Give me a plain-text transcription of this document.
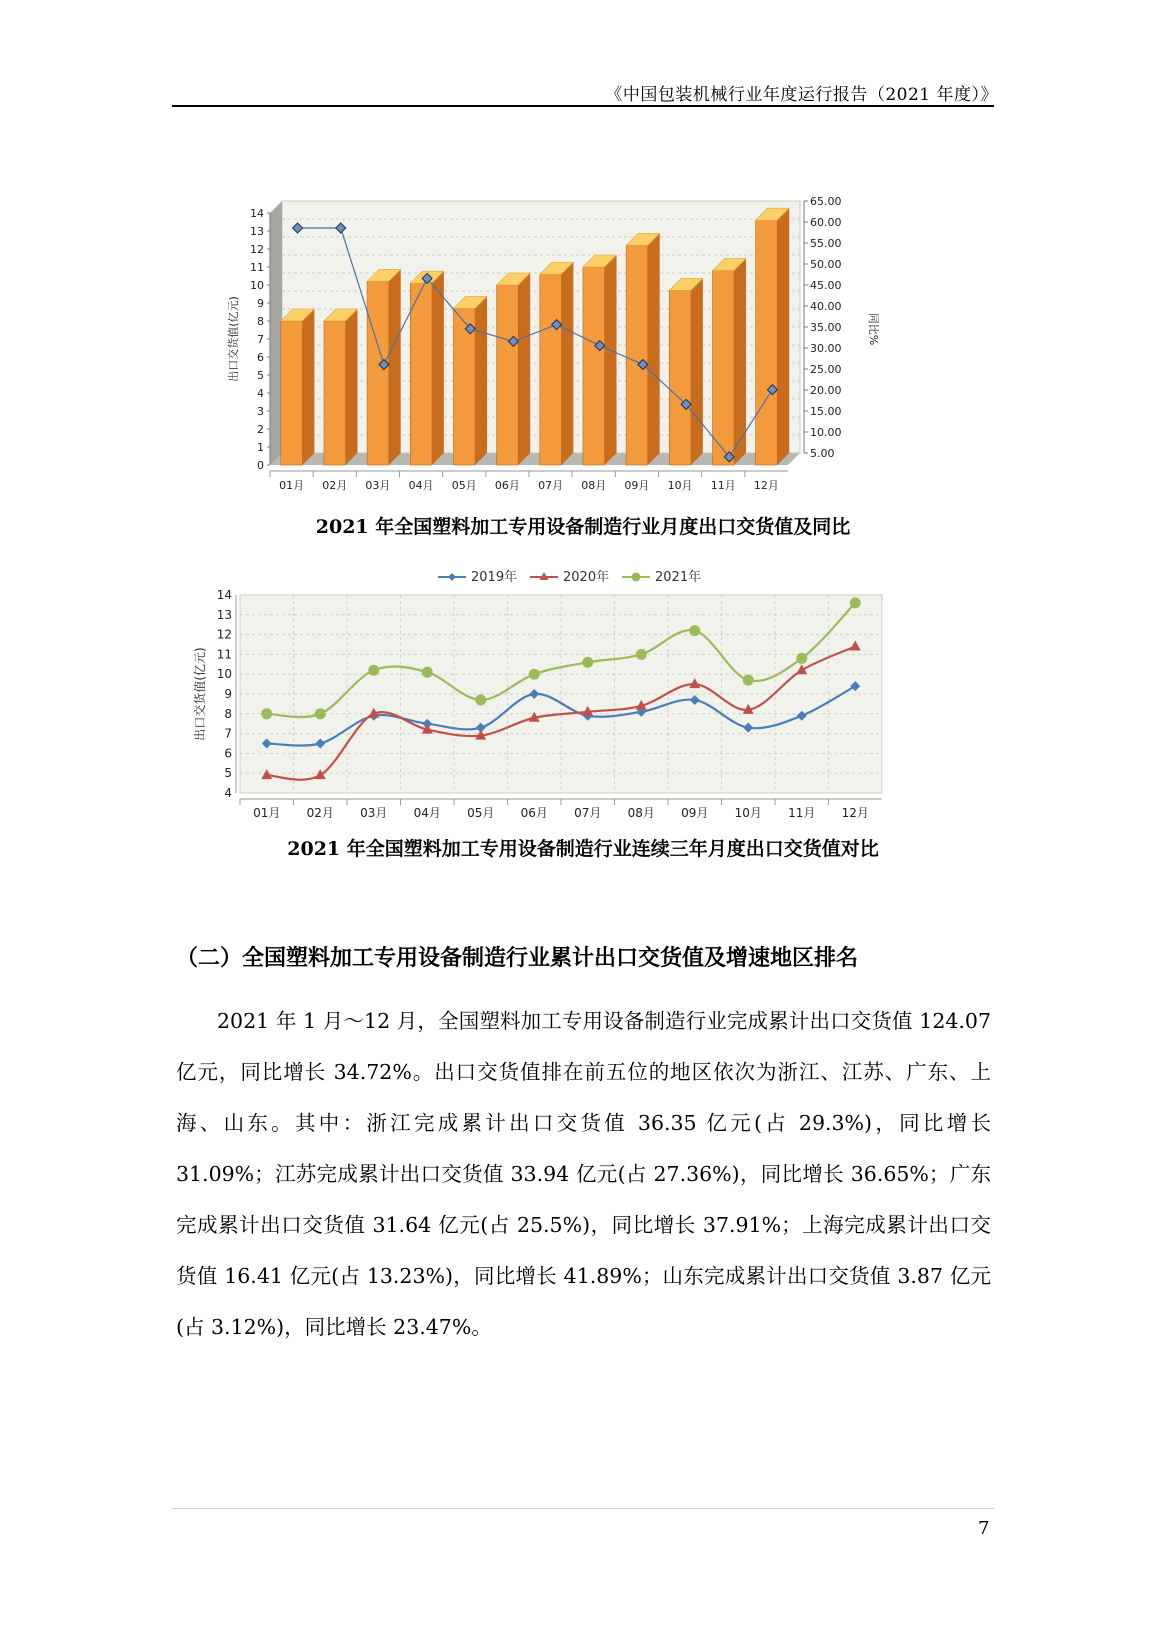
《中国包装机械行业年度运行报告（2021 年度）》
0
1
2
3
4
5
6
7
8
9
10
11
12
13
14
5.00
10.00
15.00
20.00
25.00
30.00
35.00
40.00
45.00
50.00
55.00
60.00
65.00
出口交货值(亿元)	同比%
01月 02月 03月 04月 05月 06月 07月 08月 09月 10月 11月 12月
2021 年全国塑料加工专用设备制造行业月度出口交货值及同比
4
5
6
7
8
9
10
11
12
13
14
01月 02月 03月 04月 05月 06月 07月 08月 09月 10月 11月 12月
出口交货值(亿元)
2019年	2020年	2021年
2021 年全国塑料加工专用设备制造行业连续三年月度出口交货值对比
（二）全国塑料加工专用设备制造行业累计出口交货值及增速地区排名
2021 年 1 月～12 月，全国塑料加工专用设备制造行业完成累计出口交货值 124.07 亿元，同比增长 34.72%。出口交货值排在前五位的地区依次为浙江、江苏、广东、上海、山东。其中：浙江完成累计出口交货值 36.35 亿元(占 29.3%)，同比增长 31.09%；江苏完成累计出口交货值 33.94 亿元(占 27.36%)，同比增长 36.65%；广东完成累计出口交货值 31.64 亿元(占 25.5%)，同比增长 37.91%；上海完成累计出口交货值 16.41 亿元(占 13.23%)，同比增长 41.89%；山东完成累计出口交货值 3.87 亿元(占 3.12%)，同比增长 23.47%。
7
